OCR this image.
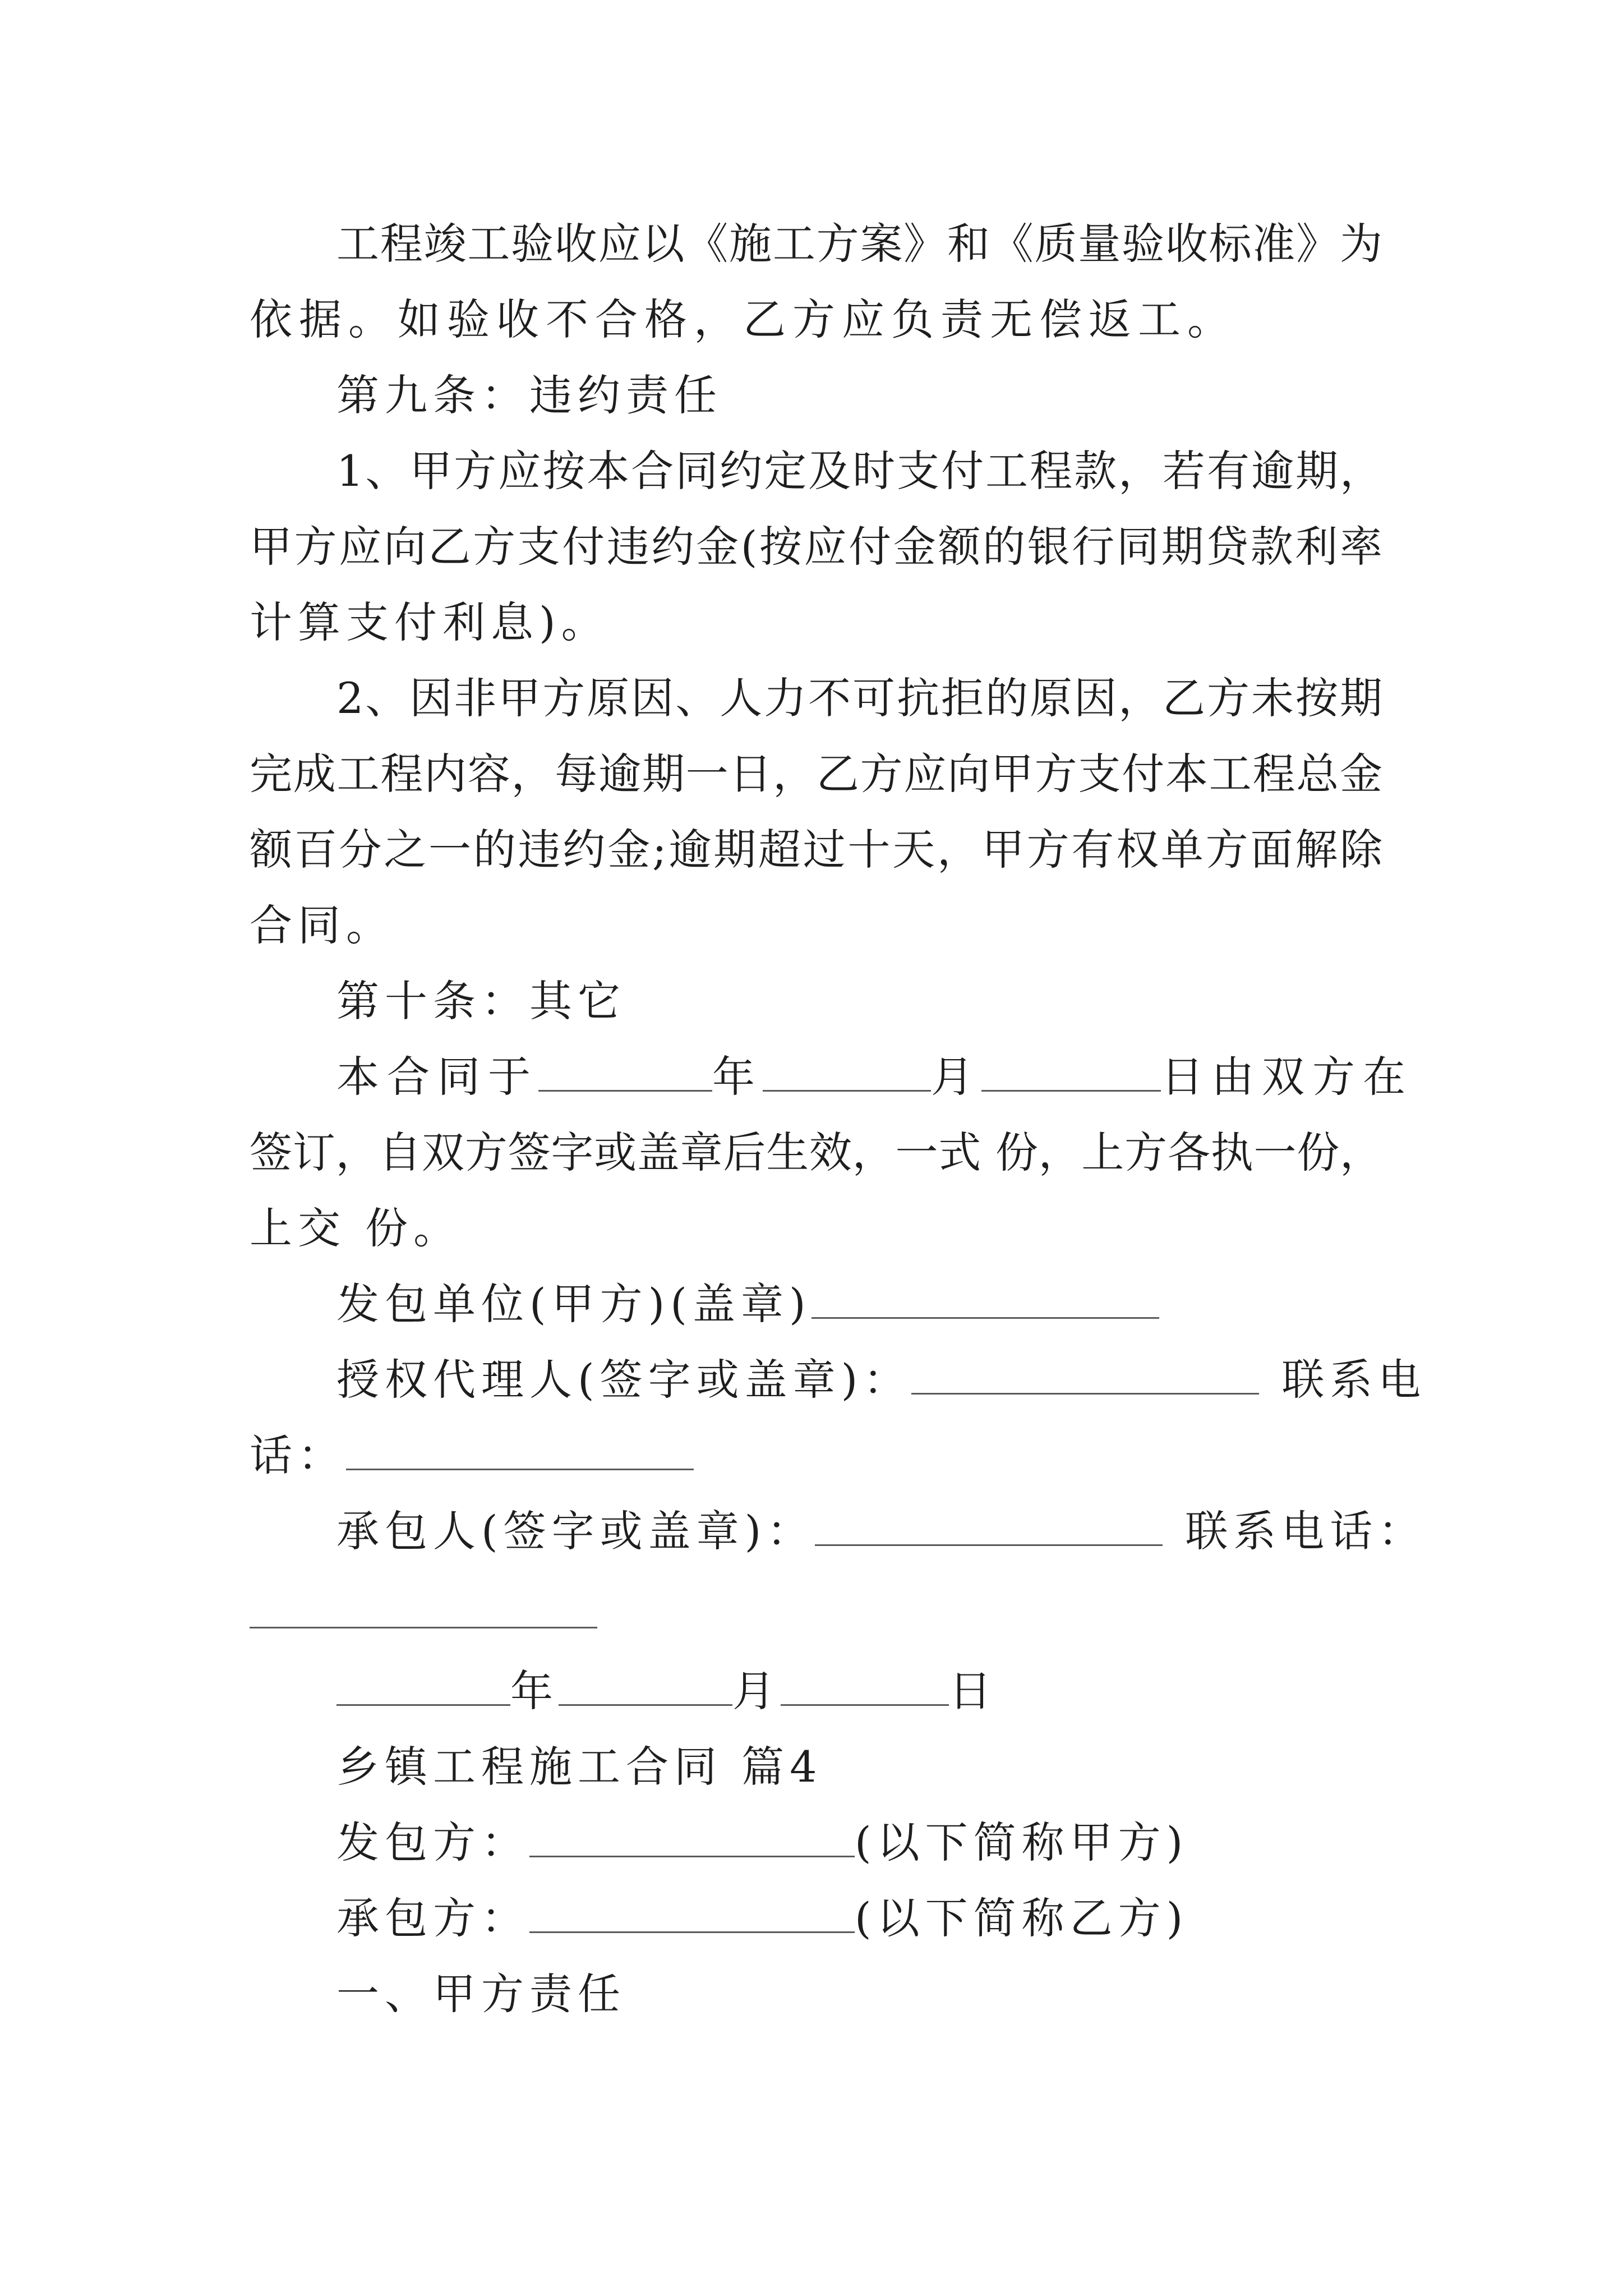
工程竣工验收应以《施工方案》和《质量验收标准》为
依据。如验收不合格，乙方应负责无偿返工。
第九条：违约责任
1、甲方应按本合同约定及时支付工程款，若有逾期，
甲方应向乙方支付违约金(按应付金额的银行同期贷款利率
计算支付利息)。
2、因非甲方原因、人力不可抗拒的原因，乙方未按期
完成工程内容，每逾期一日，乙方应向甲方支付本工程总金
额百分之一的违约金;逾期超过十天，甲方有权单方面解除
合同。
第十条：其它
本合同于	年	月	日由双方在
签订，自双方签字或盖章后生效，一式 份，上方各执一份，
上交 份。
发包单位(甲方)(盖章)
授权代理人(签字或盖章)：	联系电
话：
承包人(签字或盖章)：	联系电话：
年	月	日
乡镇工程施工合同 篇4
发包方：	(以下简称甲方)
承包方：	(以下简称乙方)
一、甲方责任
